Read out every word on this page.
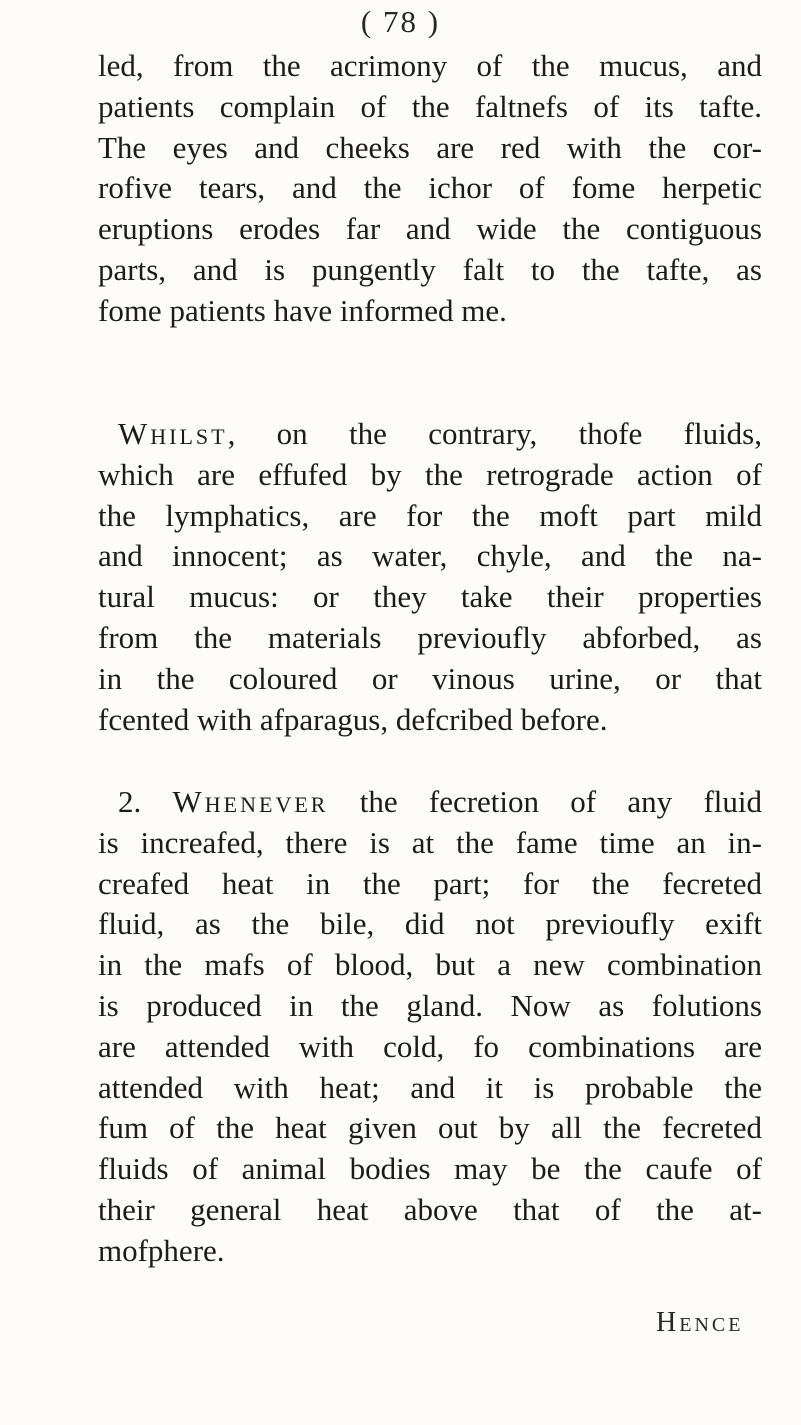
( 78 )
led, from the acrimony of the mucus, and
patients complain of the faltnefs of its tafte.
The eyes and cheeks are red with the cor-
rofive tears, and the ichor of fome herpetic
eruptions erodes far and wide the contiguous
parts, and is pungently falt to the tafte, as
fome patients have informed me.
Whilst, on the contrary, thofe fluids,
which are effufed by the retrograde action of
the lymphatics, are for the moft part mild
and innocent; as water, chyle, and the na-
tural mucus: or they take their properties
from the materials previoufly abforbed, as
in the coloured or vinous urine, or that
fcented with afparagus, defcribed before.
2. Whenever the fecretion of any fluid
is increafed, there is at the fame time an in-
creafed heat in the part; for the fecreted
fluid, as the bile, did not previoufly exift
in the mafs of blood, but a new combination
is produced in the gland. Now as folutions
are attended with cold, fo combinations are
attended with heat; and it is probable the
fum of the heat given out by all the fecreted
fluids of animal bodies may be the caufe of
their general heat above that of the at-
mofphere.
Hence
